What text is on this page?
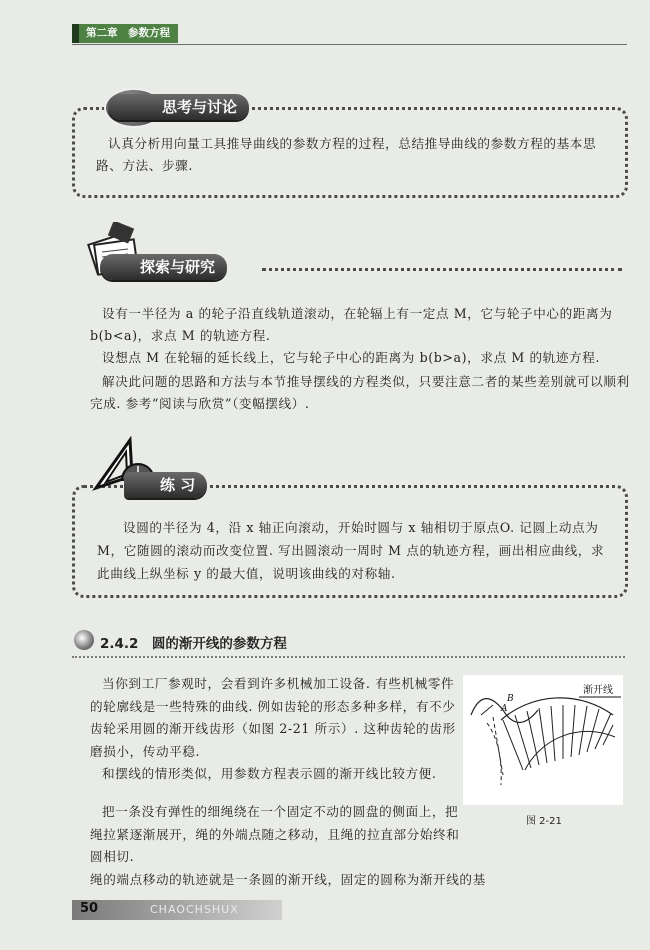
第二章　参数方程
思考与讨论
认真分析用向量工具推导曲线的参数方程的过程，总结推导曲线的参数方程的基本思路、方法、步骤.
探索与研究
设有一半径为 a 的轮子沿直线轨道滚动，在轮辐上有一定点 M，它与轮子中心的距离为b(b<a)，求点 M 的轨迹方程.
设想点 M 在轮辐的延长线上，它与轮子中心的距离为 b(b>a)，求点 M 的轨迹方程.
解决此问题的思路和方法与本节推导摆线的方程类似，只要注意二者的某些差别就可以顺利完成. 参考“阅读与欣赏”（变幅摆线）.
练 习
设圆的半径为 4，沿 x 轴正向滚动，开始时圆与 x 轴相切于原点O. 记圆上动点为 M，它随圆的滚动而改变位置. 写出圆滚动一周时 M 点的轨迹方程，画出相应曲线，求此曲线上纵坐标 y 的最大值，说明该曲线的对称轴.
2.4.2　圆的渐开线的参数方程
当你到工厂参观时，会看到许多机械加工设备. 有些机械零件的轮廓线是一些特殊的曲线. 例如齿轮的形态多种多样，有不少齿轮采用圆的渐开线齿形（如图 2-21 所示）. 这种齿轮的齿形磨损小，传动平稳.
和摆线的情形类似，用参数方程表示圆的渐开线比较方便.
把一条没有弹性的细绳绕在一个固定不动的圆盘的侧面上，把绳拉紧逐渐展开，绳的外端点随之移动，且绳的拉直部分始终和圆相切.
绳的端点移动的轨迹就是一条圆的渐开线，固定的圆称为渐开线的基
渐开线
B
A
图 2-21
50	CHAOCHSHUX
